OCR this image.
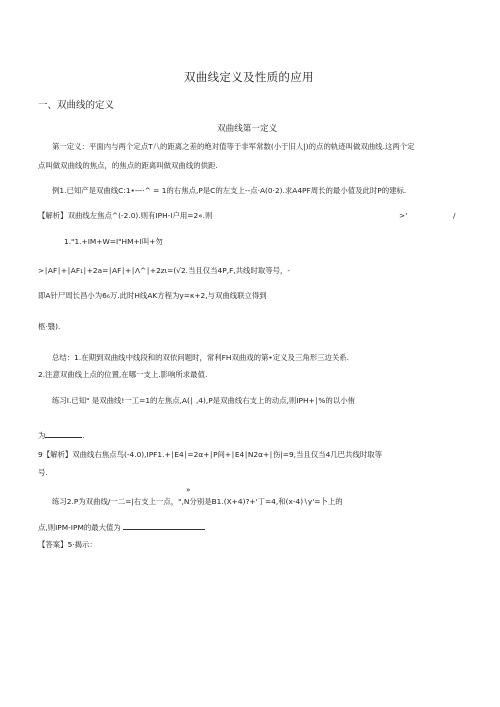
双曲线定义及性质的应用
一、双曲线的定义
双曲线第一定义
第一定义：平面内与两个定点T八的距离之差的绝对值等于非军常数(小于旧人|)的点的轨迹叫做双曲线.这两个定
点叫做双曲线的焦点，的焦点的距离叫做双曲线的供距.
例1.已知产是双曲线C:1•—·^ = 1的右焦点,P是C的左支上--点·A(0·2).求A4PF周长的最小值及此时P的建标.
【解析】双曲线左焦点^(-2.0).则有IPH-I户用=2«.则	>'	/
1."1.+IM+W=I"HM+I叫+勿
>∣AF∣+∣AF₁∣+2a=∣AF∣+∣Λ^∣+2zι=(√2.当且仅当4P,F,共线时取等号，-
即A针尸周长昌小为6₆万.此时H线AK方程为y=κ+2,与双曲线联立得到
柩·翳).
总结：1.在期到双曲线中线段和的双依问题时，常利FH双曲戏的第•定义及三角形三边关系.
2.注意双曲线上点的位置,在哪一支上.影响所求最值.
练习I.已知" 是双曲线!一工=1的左焦点,A(∣ ,4),P是双曲线右支上的动点,则IPH+∣%的以小侑
为	.
9【解析】双曲线右焦点鸟(-4.0),IPF1.+∣E4∣=2α+∣P间+∣E4∣N2α+∣伤|=9,当且仅当4几巴共线时取等
号.
»
练习2.P为双曲线/一二=|右支上一点，",N分别是B1.(X+4)?+'丁=4,和(x-4)∖y'=卜上的
点,则IPM-IPM的最大值为
【答案】5·揭示：
